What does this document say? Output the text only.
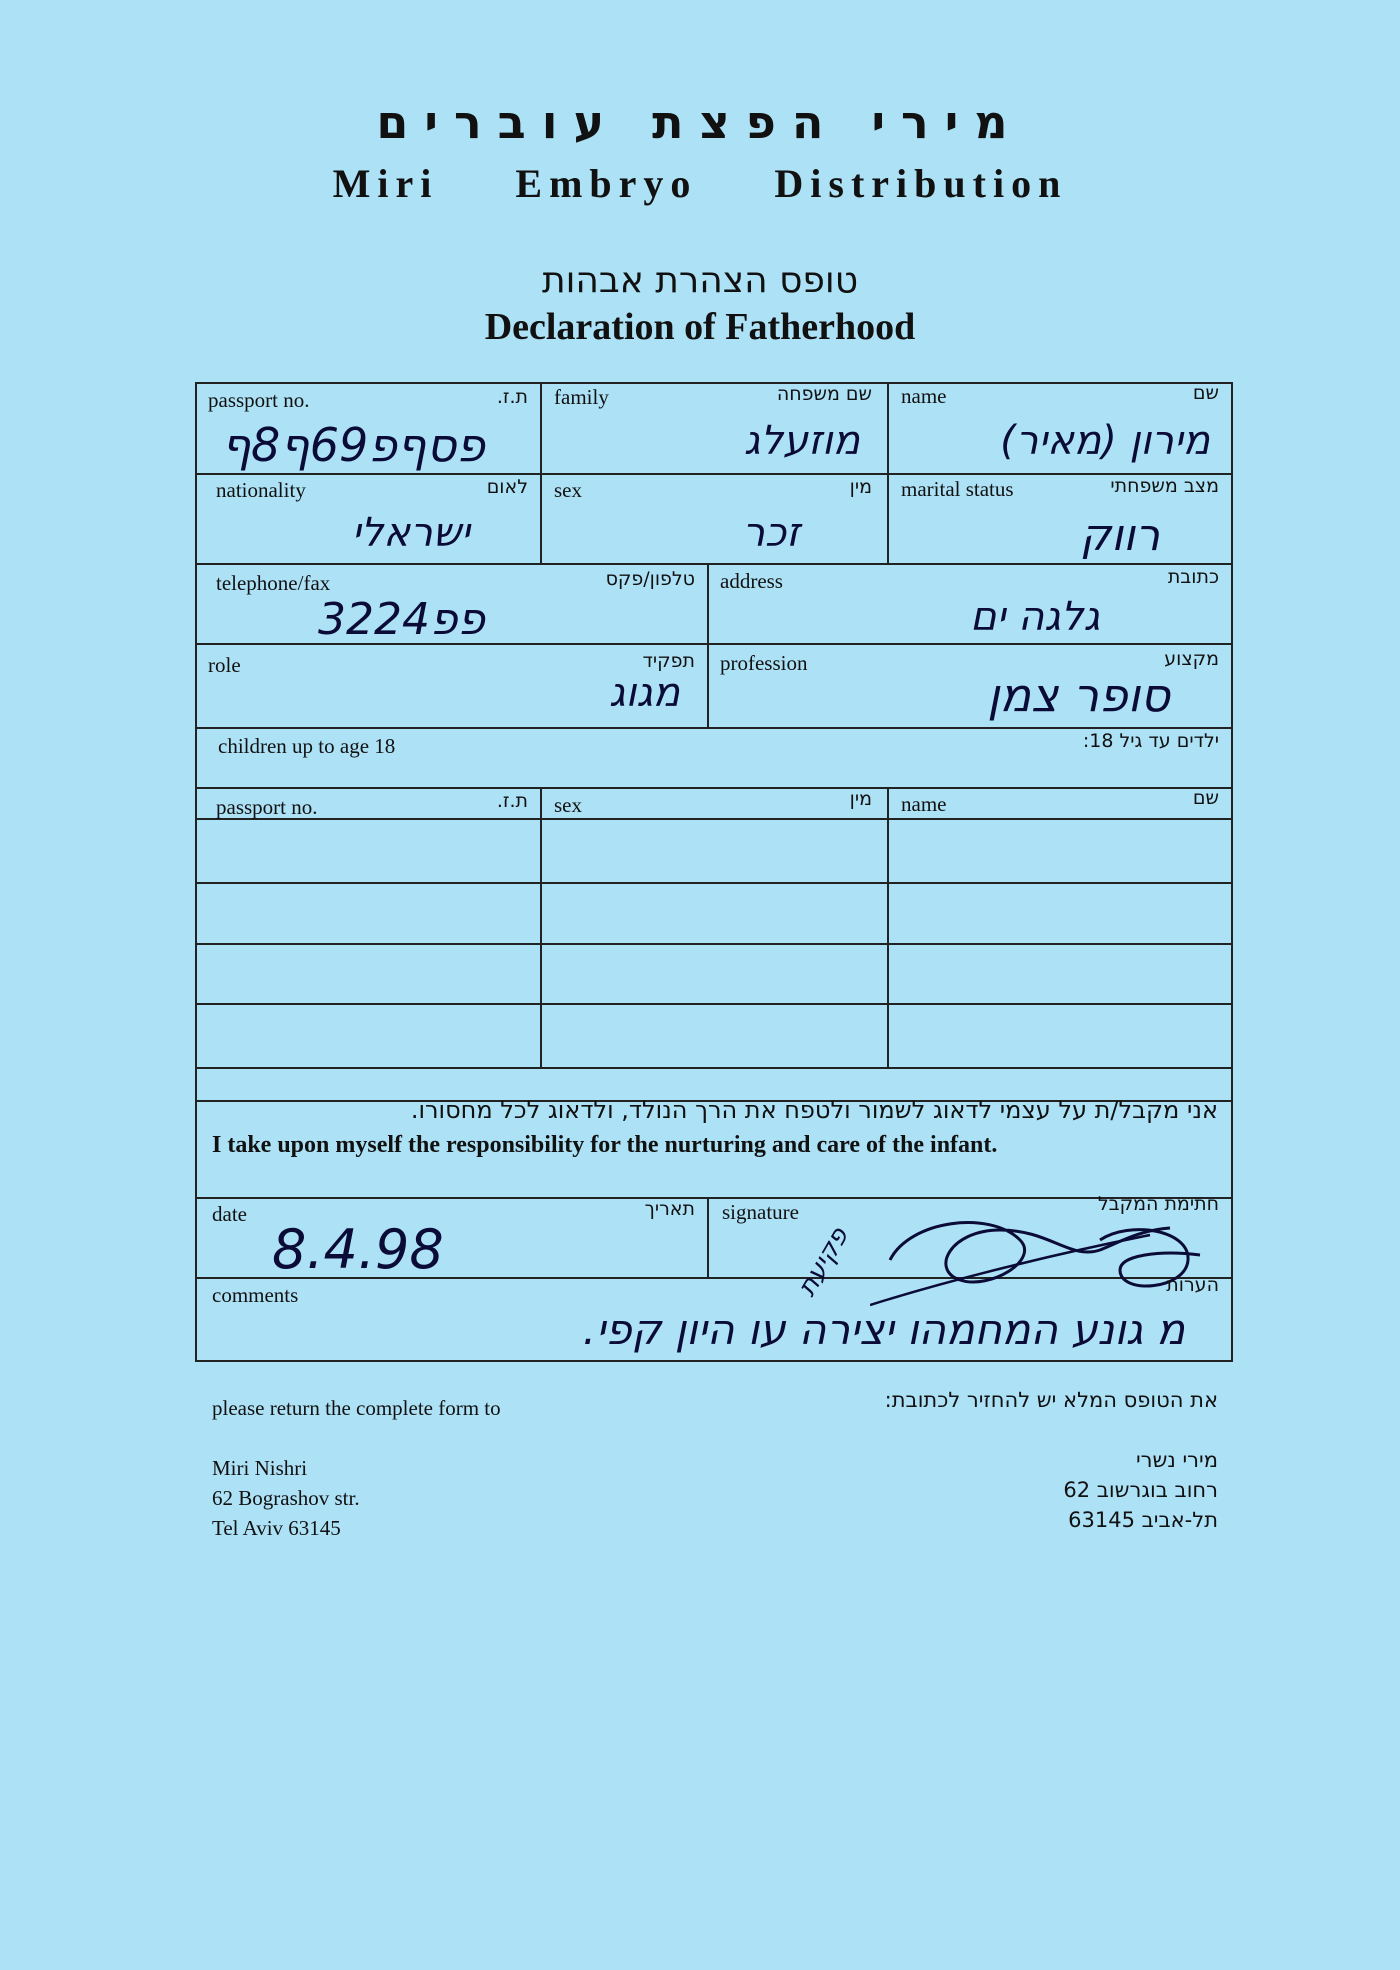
מירי הפצת עוברים
Miri Embryo Distribution
טופס הצהרת אבהות
Declaration of Fatherhood
passport no.	ת.ז.
פסףפ69ף8ף
family	שם משפחה
מוזעלג
name	שם
מירון (מאיר)
nationality	לאום
ישראלי
sex	מין
זכר
marital status	מצב משפחתי
רווק
telephone/fax	טלפון/פקס
פפ3224
address	כתובת
גלגה ים
role	תפקיד
מגוג
profession	מקצוע
סופר צמן
children up to age 18	ילדים עד גיל 18:
passport no.	ת.ז. sex	מין name	שם
אני מקבל/ת על עצמי לדאוג לשמור ולטפח את הרך הנולד, ולדאוג לכל מחסורו.
I take upon myself the responsibility for the nurturing and care of the infant.
date	תאריך
8.4.98
signature	חתימת המקבל
פקיעת
comments	הערות
מ גונע המחמהו יצירה עו היון קפי.
please return the complete form to	את הטופס המלא יש להחזיר לכתובת:
Miri Nishri
62 Bograshov str.
Tel Aviv 63145
מירי נשרי
רחוב בוגרשוב 62
תל-אביב 63145
